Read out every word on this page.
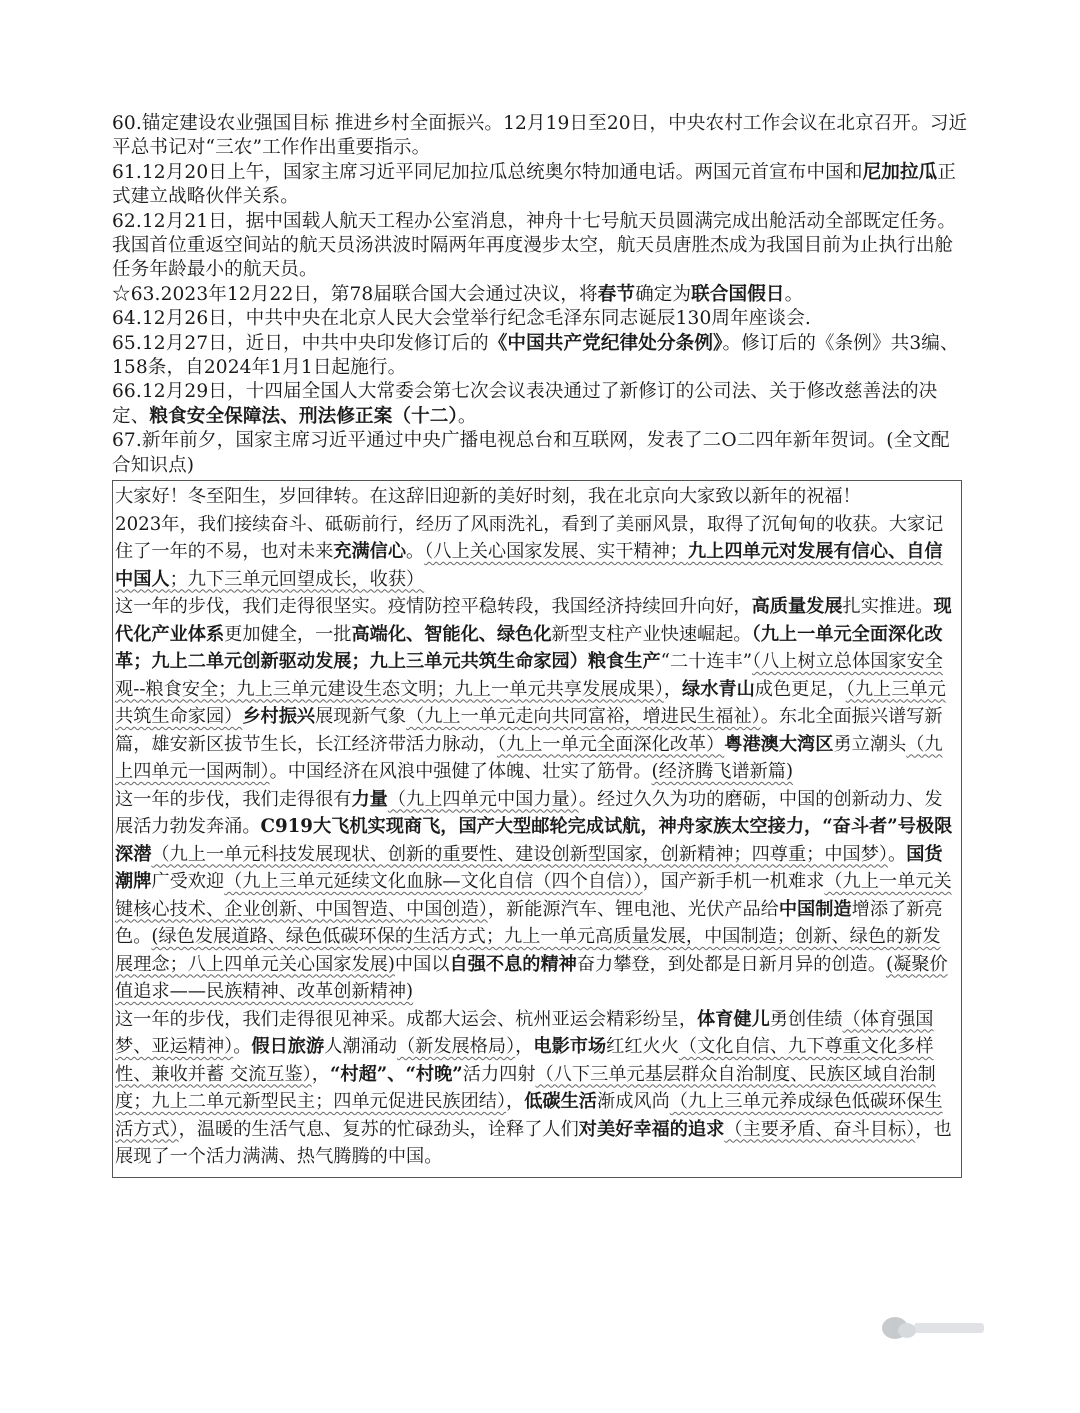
60.锚定建设农业强国目标 推进乡村全面振兴。12月19日至20日，中央农村工作会议在北京召开。习近平总书记对“三农”工作作出重要指示。

61.12月20日上午，国家主席习近平同尼加拉瓜总统奥尔特加通电话。两国元首宣布中国和尼加拉瓜正式建立战略伙伴关系。

62.12月21日，据中国载人航天工程办公室消息，神舟十七号航天员圆满完成出舱活动全部既定任务。我国首位重返空间站的航天员汤洪波时隔两年再度漫步太空，航天员唐胜杰成为我国目前为止执行出舱任务年龄最小的航天员。

☆63.2023年12月22日，第78届联合国大会通过决议，将春节确定为联合国假日。

64.12月26日，中共中央在北京人民大会堂举行纪念毛泽东同志诞辰130周年座谈会.

65.12月27日，近日，中共中央印发修订后的《中国共产党纪律处分条例》。修订后的《条例》共3编、158条，自2024年1月1日起施行。

66.12月29日，十四届全国人大常委会第七次会议表决通过了新修订的公司法、关于修改慈善法的决定、粮食安全保障法、刑法修正案（十二）。

67.新年前夕，国家主席习近平通过中央广播电视总台和互联网，发表了二O二四年新年贺词。(全文配合知识点)

大家好！冬至阳生，岁回律转。在这辞旧迎新的美好时刻，我在北京向大家致以新年的祝福！

2023年，我们接续奋斗、砥砺前行，经历了风雨洗礼，看到了美丽风景，取得了沉甸甸的收获。大家记住了一年的不易，也对未来充满信心。（八上关心国家发展、实干精神；九上四单元对发展有信心、自信中国人；九下三单元回望成长，收获）

这一年的步伐，我们走得很坚实。疫情防控平稳转段，我国经济持续回升向好，高质量发展扎实推进。现代化产业体系更加健全，一批高端化、智能化、绿色化新型支柱产业快速崛起。（九上一单元全面深化改革；九上二单元创新驱动发展；九上三单元共筑生命家园）粮食生产“二十连丰”（八上树立总体国家安全观--粮食安全；九上三单元建设生态文明；九上一单元共享发展成果），绿水青山成色更足，（九上三单元共筑生命家园）乡村振兴展现新气象（九上一单元走向共同富裕，增进民生福祉）。东北全面振兴谱写新篇，雄安新区拔节生长，长江经济带活力脉动，（九上一单元全面深化改革）粤港澳大湾区勇立潮头（九上四单元一国两制）。中国经济在风浪中强健了体魄、壮实了筋骨。(经济腾飞谱新篇)

这一年的步伐，我们走得很有力量（九上四单元中国力量）。经过久久为功的磨砺，中国的创新动力、发展活力勃发奔涌。C919大飞机实现商飞，国产大型邮轮完成试航，神舟家族太空接力，“奋斗者”号极限深潜（九上一单元科技发展现状、创新的重要性、建设创新型国家，创新精神；四尊重；中国梦）。国货潮牌广受欢迎（九上三单元延续文化血脉—文化自信（四个自信）），国产新手机一机难求（九上一单元关键核心技术、企业创新、中国智造、中国创造），新能源汽车、锂电池、光伏产品给中国制造增添了新亮色。(绿色发展道路、绿色低碳环保的生活方式；九上一单元高质量发展，中国制造；创新、绿色的新发展理念；八上四单元关心国家发展)中国以自强不息的精神奋力攀登，到处都是日新月异的创造。(凝聚价值追求——民族精神、改革创新精神)

这一年的步伐，我们走得很见神采。成都大运会、杭州亚运会精彩纷呈，体育健儿勇创佳绩（体育强国梦、亚运精神）。假日旅游人潮涌动（新发展格局），电影市场红红火火（文化自信、九下尊重文化多样性、兼收并蓄 交流互鉴），“村超”、“村晚”活力四射（八下三单元基层群众自治制度、民族区域自治制度；九上二单元新型民主；四单元促进民族团结），低碳生活渐成风尚（九上三单元养成绿色低碳环保生活方式），温暖的生活气息、复苏的忙碌劲头，诠释了人们对美好幸福的追求（主要矛盾、奋斗目标），也展现了一个活力满满、热气腾腾的中国。
